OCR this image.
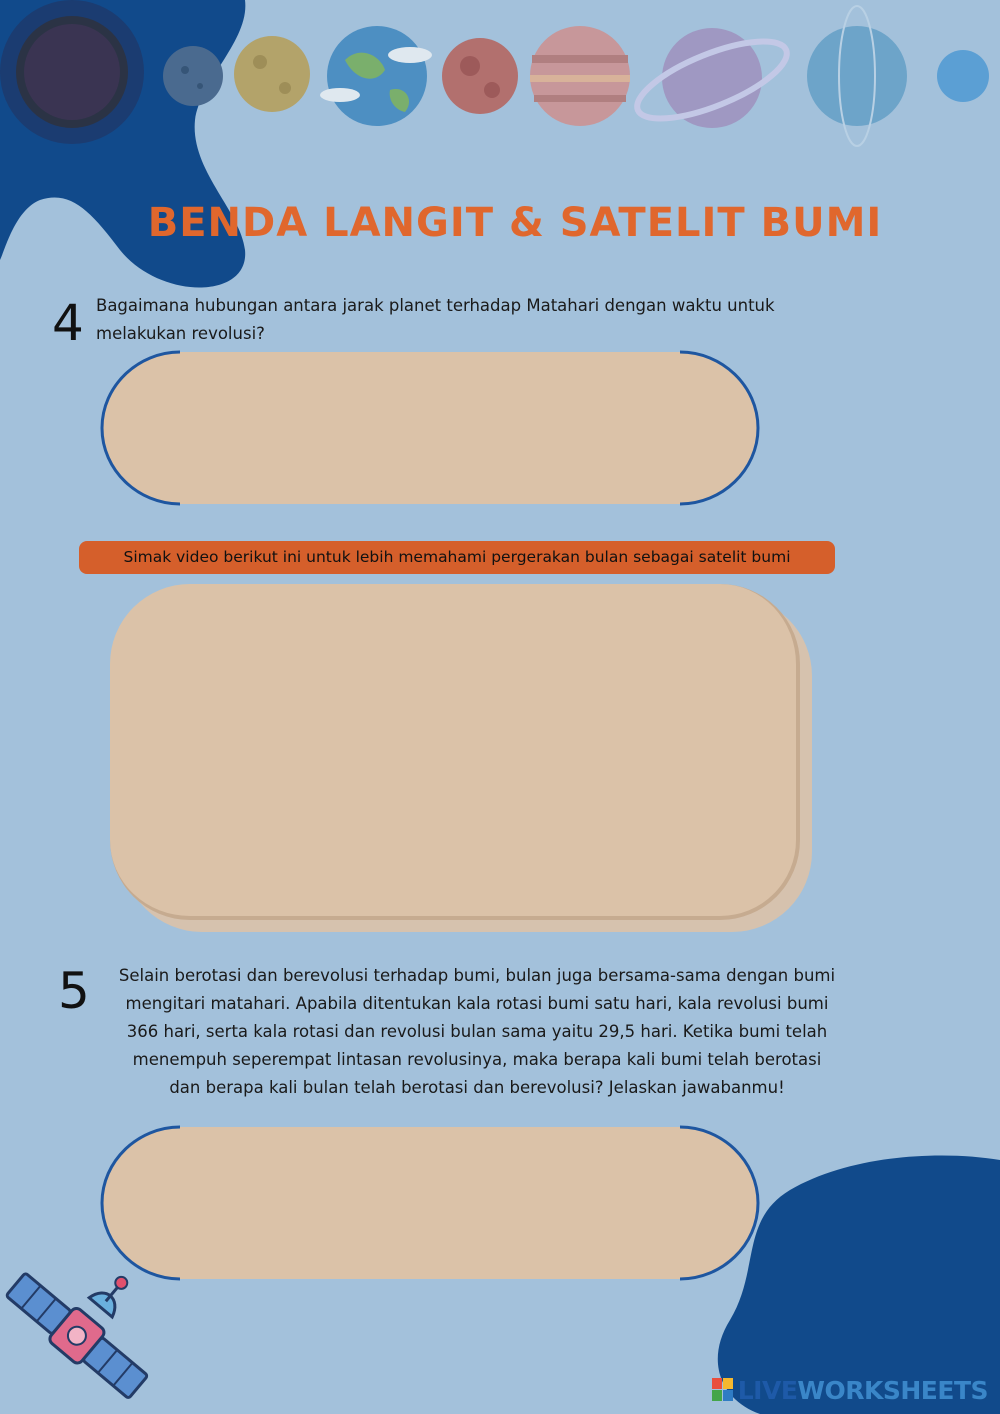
BENDA LANGIT & SATELIT BUMI
4 Bagaimana hubungan antara jarak planet terhadap Matahari dengan waktu untuk
melakukan revolusi?
Simak video berikut ini untuk lebih memahami pergerakan bulan sebagai satelit bumi
5	Selain berotasi dan berevolusi terhadap bumi, bulan juga bersama-sama dengan bumi
mengitari matahari. Apabila ditentukan kala rotasi bumi satu hari, kala revolusi bumi
366 hari, serta kala rotasi dan revolusi bulan sama yaitu 29,5 hari. Ketika bumi telah
menempuh seperempat lintasan revolusinya, maka berapa kali bumi telah berotasi
dan berapa kali bulan telah berotasi dan berevolusi? Jelaskan jawabanmu!
LIVEWORKSHEETS
